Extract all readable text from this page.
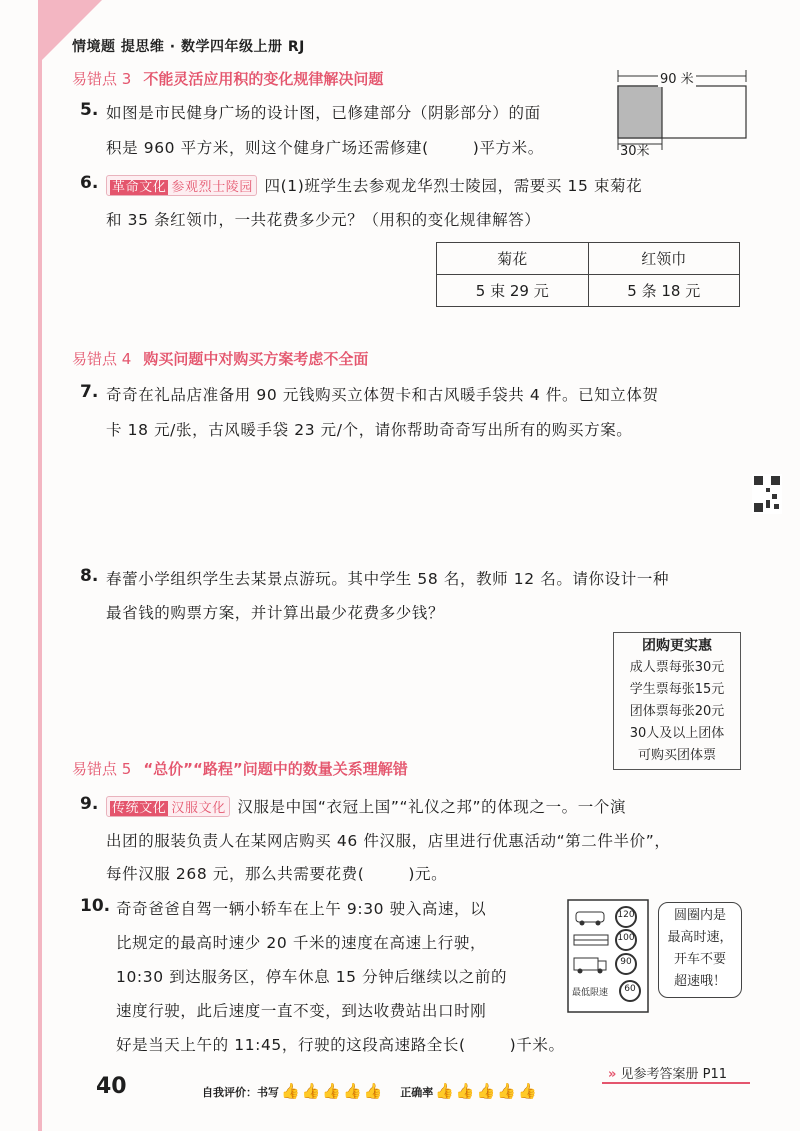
情境题 提思维 · 数学四年级上册 RJ
易错点 3 不能灵活应用积的变化规律解决问题
5. 如图是市民健身广场的设计图，已修建部分（阴影部分）的面
积是 960 平方米，则这个健身广场还需修建(	)平方米。
90 米
30米
6.	革命文化 参观烈士陵园 四(1)班学生去参观龙华烈士陵园，需要买 15 束菊花
和 35 条红领巾，一共花费多少元？（用积的变化规律解答）
菊花	红领巾
5 束 29 元	5 条 18 元
易错点 4 购买问题中对购买方案考虑不全面
7. 奇奇在礼品店准备用 90 元钱购买立体贺卡和古风暖手袋共 4 件。已知立体贺
卡 18 元/张，古风暖手袋 23 元/个，请你帮助奇奇写出所有的购买方案。
8. 春蕾小学组织学生去某景点游玩。其中学生 58 名，教师 12 名。请你设计一种
最省钱的购票方案，并计算出最少花费多少钱？
团购更实惠
成人票每张30元
学生票每张15元
团体票每张20元
30人及以上团体
可购买团体票
易错点 5 “总价”“路程”问题中的数量关系理解错
9.	传统文化 汉服文化 汉服是中国“衣冠上国”“礼仪之邦”的体现之一。一个演
出团的服装负责人在某网店购买 46 件汉服，店里进行优惠活动“第二件半价”，
每件汉服 268 元，那么共需要花费(	)元。
10. 奇奇爸爸自驾一辆小轿车在上午 9:30 驶入高速，以
比规定的最高时速少 20 千米的速度在高速上行驶，
10:30 到达服务区，停车休息 15 分钟后继续以之前的
速度行驶，此后速度一直不变，到达收费站出口时刚
好是当天上午的 11:45，行驶的这段高速路全长(	)千米。
120
100
90
60
最低限速
圆圈内是
最高时速，
开车不要
超速哦！
» 见参考答案册 P11
40	自我评价：书写 👍👍👍👍👍 正确率 👍👍👍👍👍
